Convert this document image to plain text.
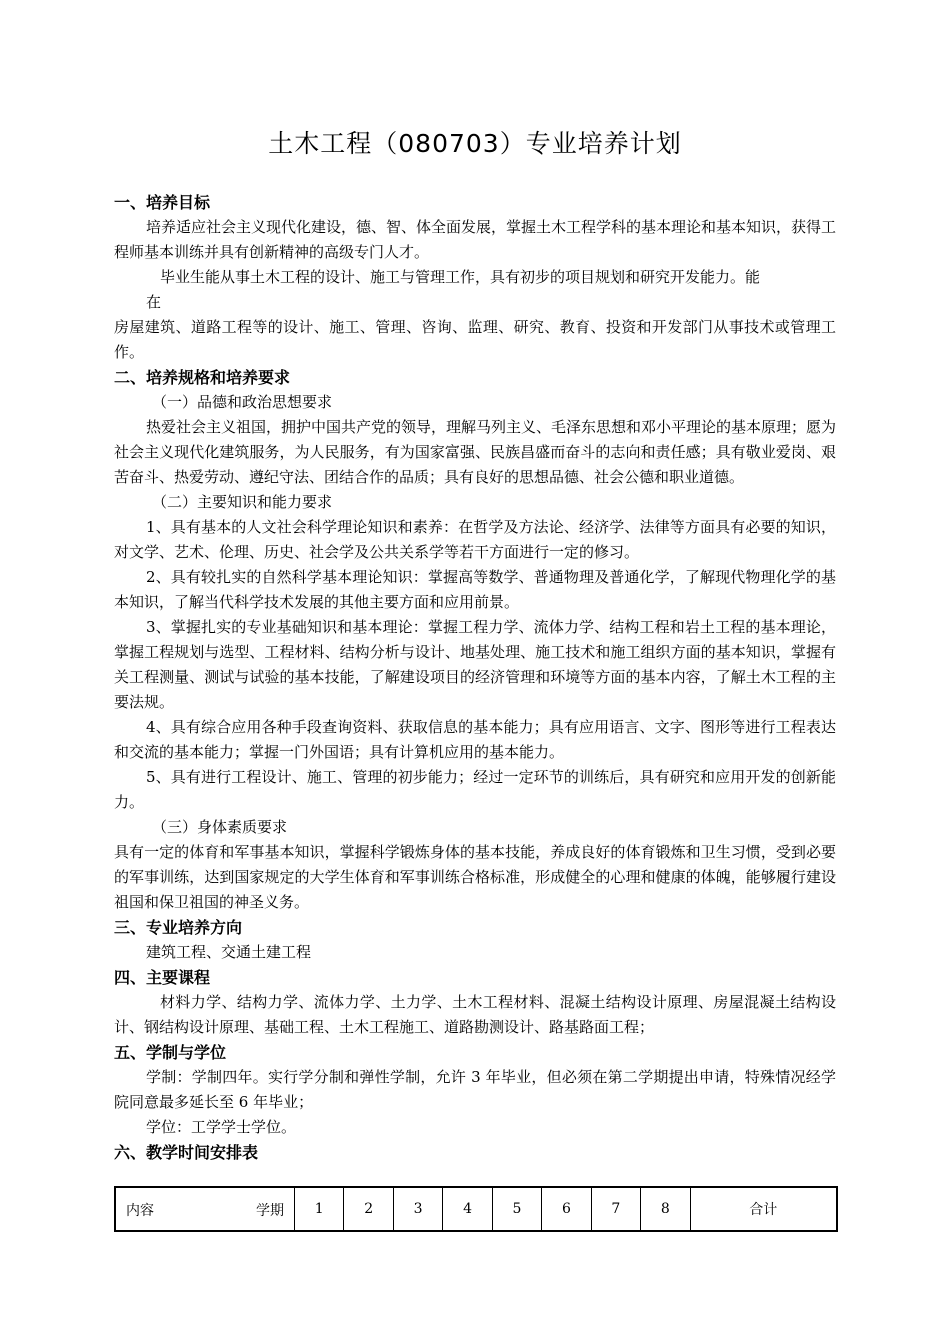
土木工程（080703）专业培养计划
一、培养目标

培养适应社会主义现代化建设，德、智、体全面发展，掌握土木工程学科的基本理论和基本知识，获得工程师基本训练并具有创新精神的高级专门人才。

毕业生能从事土木工程的设计、施工与管理工作，具有初步的项目规划和研究开发能力。能

在

房屋建筑、道路工程等的设计、施工、管理、咨询、监理、研究、教育、投资和开发部门从事技术或管理工作。

二、培养规格和培养要求

（一）品德和政治思想要求

热爱社会主义祖国，拥护中国共产党的领导，理解马列主义、毛泽东思想和邓小平理论的基本原理；愿为社会主义现代化建筑服务，为人民服务，有为国家富强、民族昌盛而奋斗的志向和责任感；具有敬业爱岗、艰苦奋斗、热爱劳动、遵纪守法、团结合作的品质；具有良好的思想品德、社会公德和职业道德。

（二）主要知识和能力要求

1、具有基本的人文社会科学理论知识和素养：在哲学及方法论、经济学、法律等方面具有必要的知识，对文学、艺术、伦理、历史、社会学及公共关系学等若干方面进行一定的修习。

2、具有较扎实的自然科学基本理论知识：掌握高等数学、普通物理及普通化学，了解现代物理化学的基本知识，了解当代科学技术发展的其他主要方面和应用前景。

3、掌握扎实的专业基础知识和基本理论：掌握工程力学、流体力学、结构工程和岩土工程的基本理论，掌握工程规划与选型、工程材料、结构分析与设计、地基处理、施工技术和施工组织方面的基本知识，掌握有关工程测量、测试与试验的基本技能，了解建设项目的经济管理和环境等方面的基本内容，了解土木工程的主要法规。

4、具有综合应用各种手段查询资料、获取信息的基本能力；具有应用语言、文字、图形等进行工程表达和交流的基本能力；掌握一门外国语；具有计算机应用的基本能力。

5、具有进行工程设计、施工、管理的初步能力；经过一定环节的训练后，具有研究和应用开发的创新能力。

（三）身体素质要求

具有一定的体育和军事基本知识，掌握科学锻炼身体的基本技能，养成良好的体育锻炼和卫生习惯，受到必要的军事训练，达到国家规定的大学生体育和军事训练合格标准，形成健全的心理和健康的体魄，能够履行建设祖国和保卫祖国的神圣义务。

三、专业培养方向

建筑工程、交通土建工程

四、主要课程

材料力学、结构力学、流体力学、土力学、土木工程材料、混凝土结构设计原理、房屋混凝土结构设计、钢结构设计原理、基础工程、土木工程施工、道路勘测设计、路基路面工程；

五、学制与学位

学制：学制四年。实行学分制和弹性学制，允许 3 年毕业，但必须在第二学期提出申请，特殊情况经学院同意最多延长至 6 年毕业；

学位：工学学士学位。

六、教学时间安排表
内容	学期	1	2	3	4	5	6	7	8	合计
